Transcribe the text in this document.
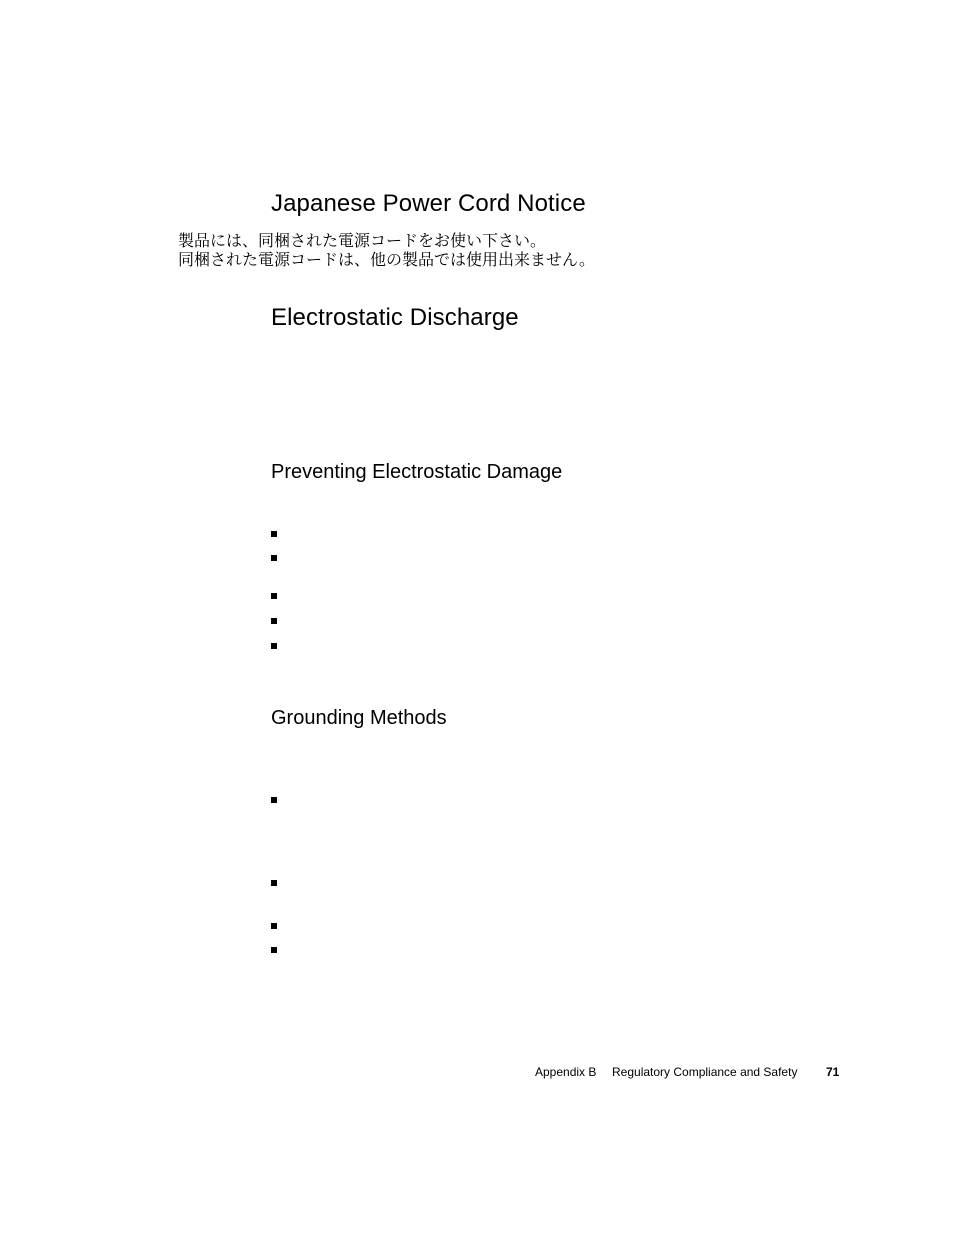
Japanese Power Cord Notice
製品には、同梱された電源コードをお使い下さい。
同梱された電源コードは、他の製品では使用出来ません。
Electrostatic Discharge
Preventing Electrostatic Damage
Grounding Methods
Appendix B Regulatory Compliance and Safety 71
